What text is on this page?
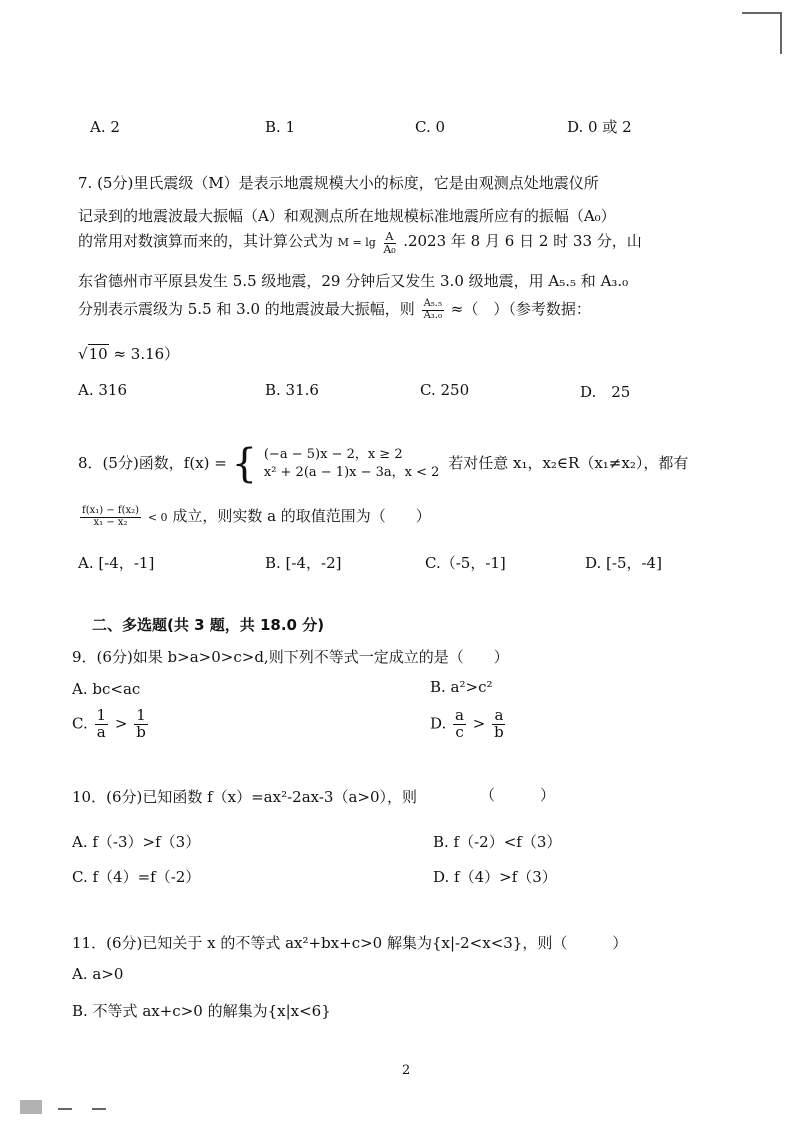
A. 2	B. 1	C. 0	D. 0 或 2
7. (5分)里氏震级（M）是表示地震规模大小的标度，它是由观测点处地震仪所
记录到的地震波最大振幅（A）和观测点所在地规模标准地震所应有的振幅（A₀）
的常用对数演算而来的，其计算公式为 $M = \lg \frac{A}{\text{A₀}} .2023$ 年 8 月 6 日 2 时 33 分，山
东省德州市平原县发生 5.5 级地震，29 分钟后又发生 3.0 级地震，用 A₅.₅ 和 A₃.₀
分别表示震级为 5.5 和 3.0 的地震波最大振幅，则 $\frac{\text{A₅.₅}}{\text{A₃.₀}}$ ≈（　）（参考数据：
√10 ≈ 3.16）
A. 316	B. 31.6	C. 250	D.　25
8．(5分)函数，f(x) = { (−a − 5)x − 2，x ≥ 2
x² + 2(a − 1)x − 3a，x < 2
若对任意 x₁，x₂∈R（x₁≠x₂），都有
$\frac{\text{f(x₁) − f(x₂)}}{\text{x₁ − x₂}} < 0$ 成立，则实数 a 的取值范围为（　　）
A. [-4，-1]	B. [-4，-2]	C.（-5，-1]	D. [-5，-4]
二、多选题(共 3 题，共 18.0 分)
9．(6分)如果 b>a>0>c>d,则下列不等式一定成立的是（　　）
A. bc<ac	B. a²>c²
C. $\frac{1}{a} > \frac{1}{b}$	D. $\frac{a}{c} > \frac{a}{b}$
10．(6分)已知函数 f（x）=ax²-2ax-3（a>0），则	（　　　）
A. f（-3）>f（3）	B. f（-2）<f（3）
C. f（4）=f（-2）	D. f（4）>f（3）
11．(6分)已知关于 x 的不等式 ax²+bx+c>0 解集为{x|-2<x<3}，则（　　　）
A. a>0
B. 不等式 ax+c>0 的解集为{x|x<6}
2
